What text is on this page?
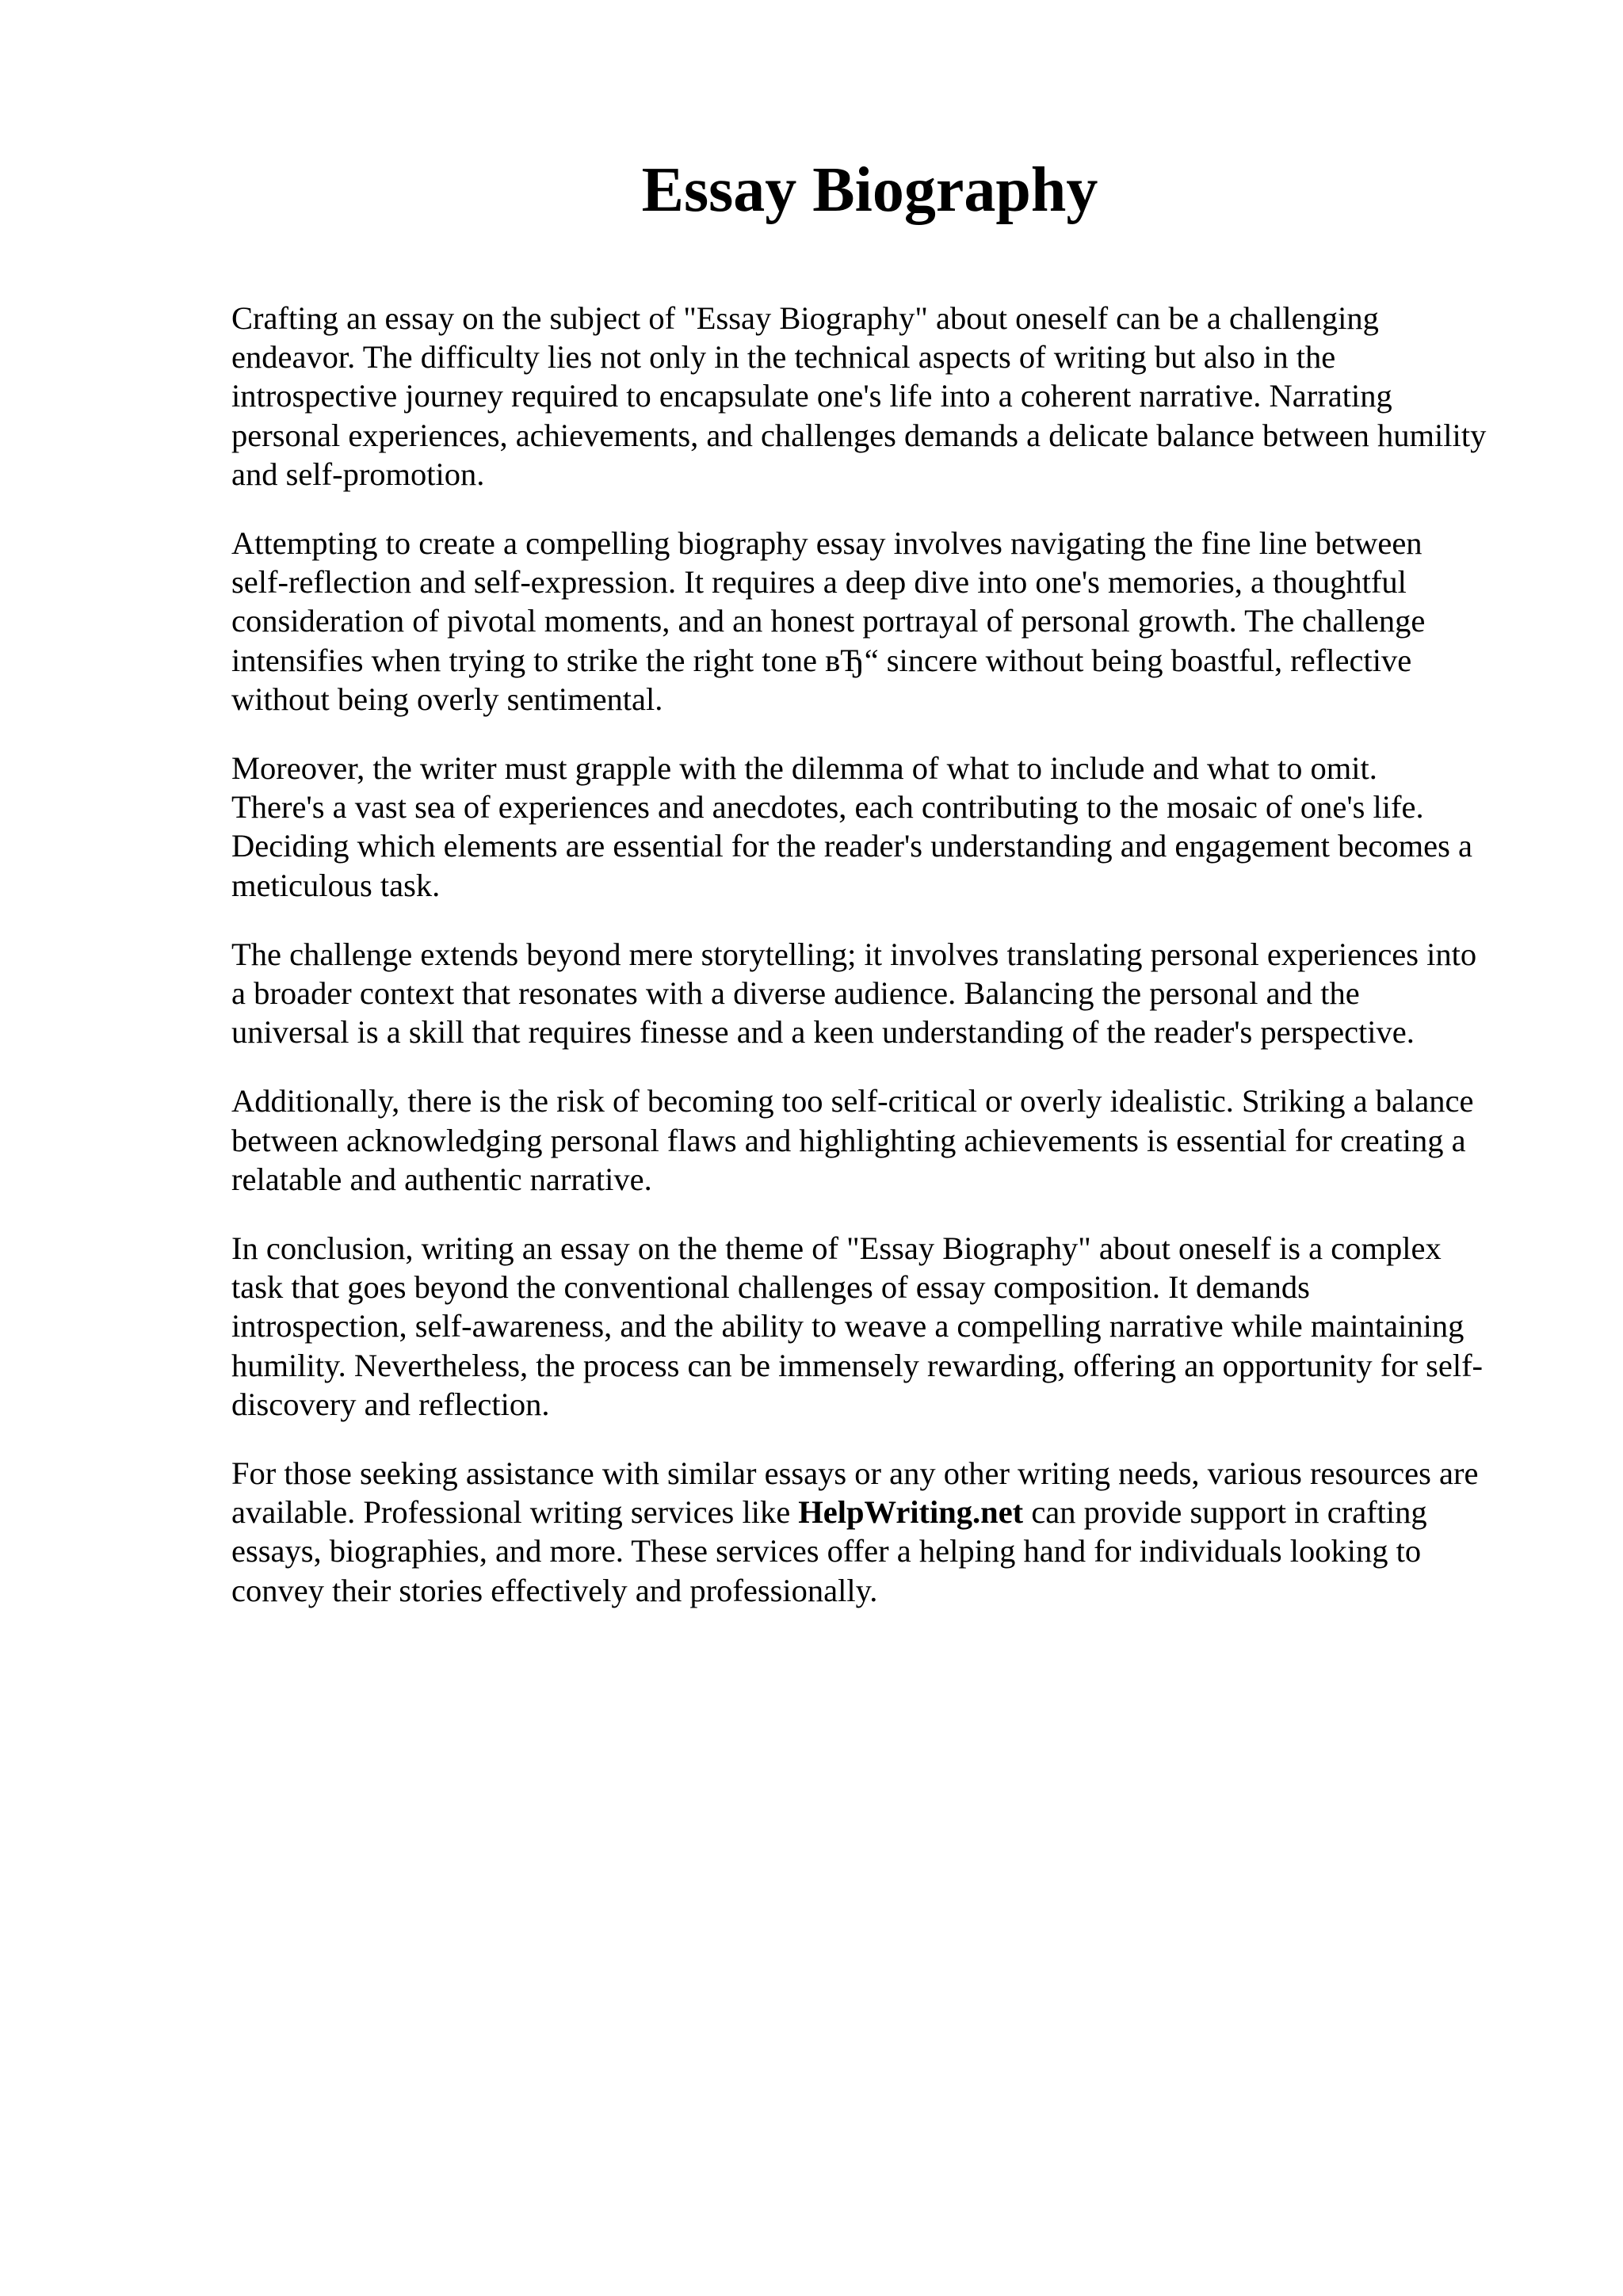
Essay Biography

Crafting an essay on the subject of "Essay Biography" about oneself can be a challenging
endeavor. The difficulty lies not only in the technical aspects of writing but also in the
introspective journey required to encapsulate one's life into a coherent narrative. Narrating
personal experiences, achievements, and challenges demands a delicate balance between humility
and self-promotion.

Attempting to create a compelling biography essay involves navigating the fine line between
self-reflection and self-expression. It requires a deep dive into one's memories, a thoughtful
consideration of pivotal moments, and an honest portrayal of personal growth. The challenge
intensifies when trying to strike the right tone вЂ“ sincere without being boastful, reflective
without being overly sentimental.

Moreover, the writer must grapple with the dilemma of what to include and what to omit.
There's a vast sea of experiences and anecdotes, each contributing to the mosaic of one's life.
Deciding which elements are essential for the reader's understanding and engagement becomes a
meticulous task.

The challenge extends beyond mere storytelling; it involves translating personal experiences into
a broader context that resonates with a diverse audience. Balancing the personal and the
universal is a skill that requires finesse and a keen understanding of the reader's perspective.

Additionally, there is the risk of becoming too self-critical or overly idealistic. Striking a balance
between acknowledging personal flaws and highlighting achievements is essential for creating a
relatable and authentic narrative.

In conclusion, writing an essay on the theme of "Essay Biography" about oneself is a complex
task that goes beyond the conventional challenges of essay composition. It demands
introspection, self-awareness, and the ability to weave a compelling narrative while maintaining
humility. Nevertheless, the process can be immensely rewarding, offering an opportunity for self-
discovery and reflection.

For those seeking assistance with similar essays or any other writing needs, various resources are
available. Professional writing services like HelpWriting.net can provide support in crafting
essays, biographies, and more. These services offer a helping hand for individuals looking to
convey their stories effectively and professionally.
